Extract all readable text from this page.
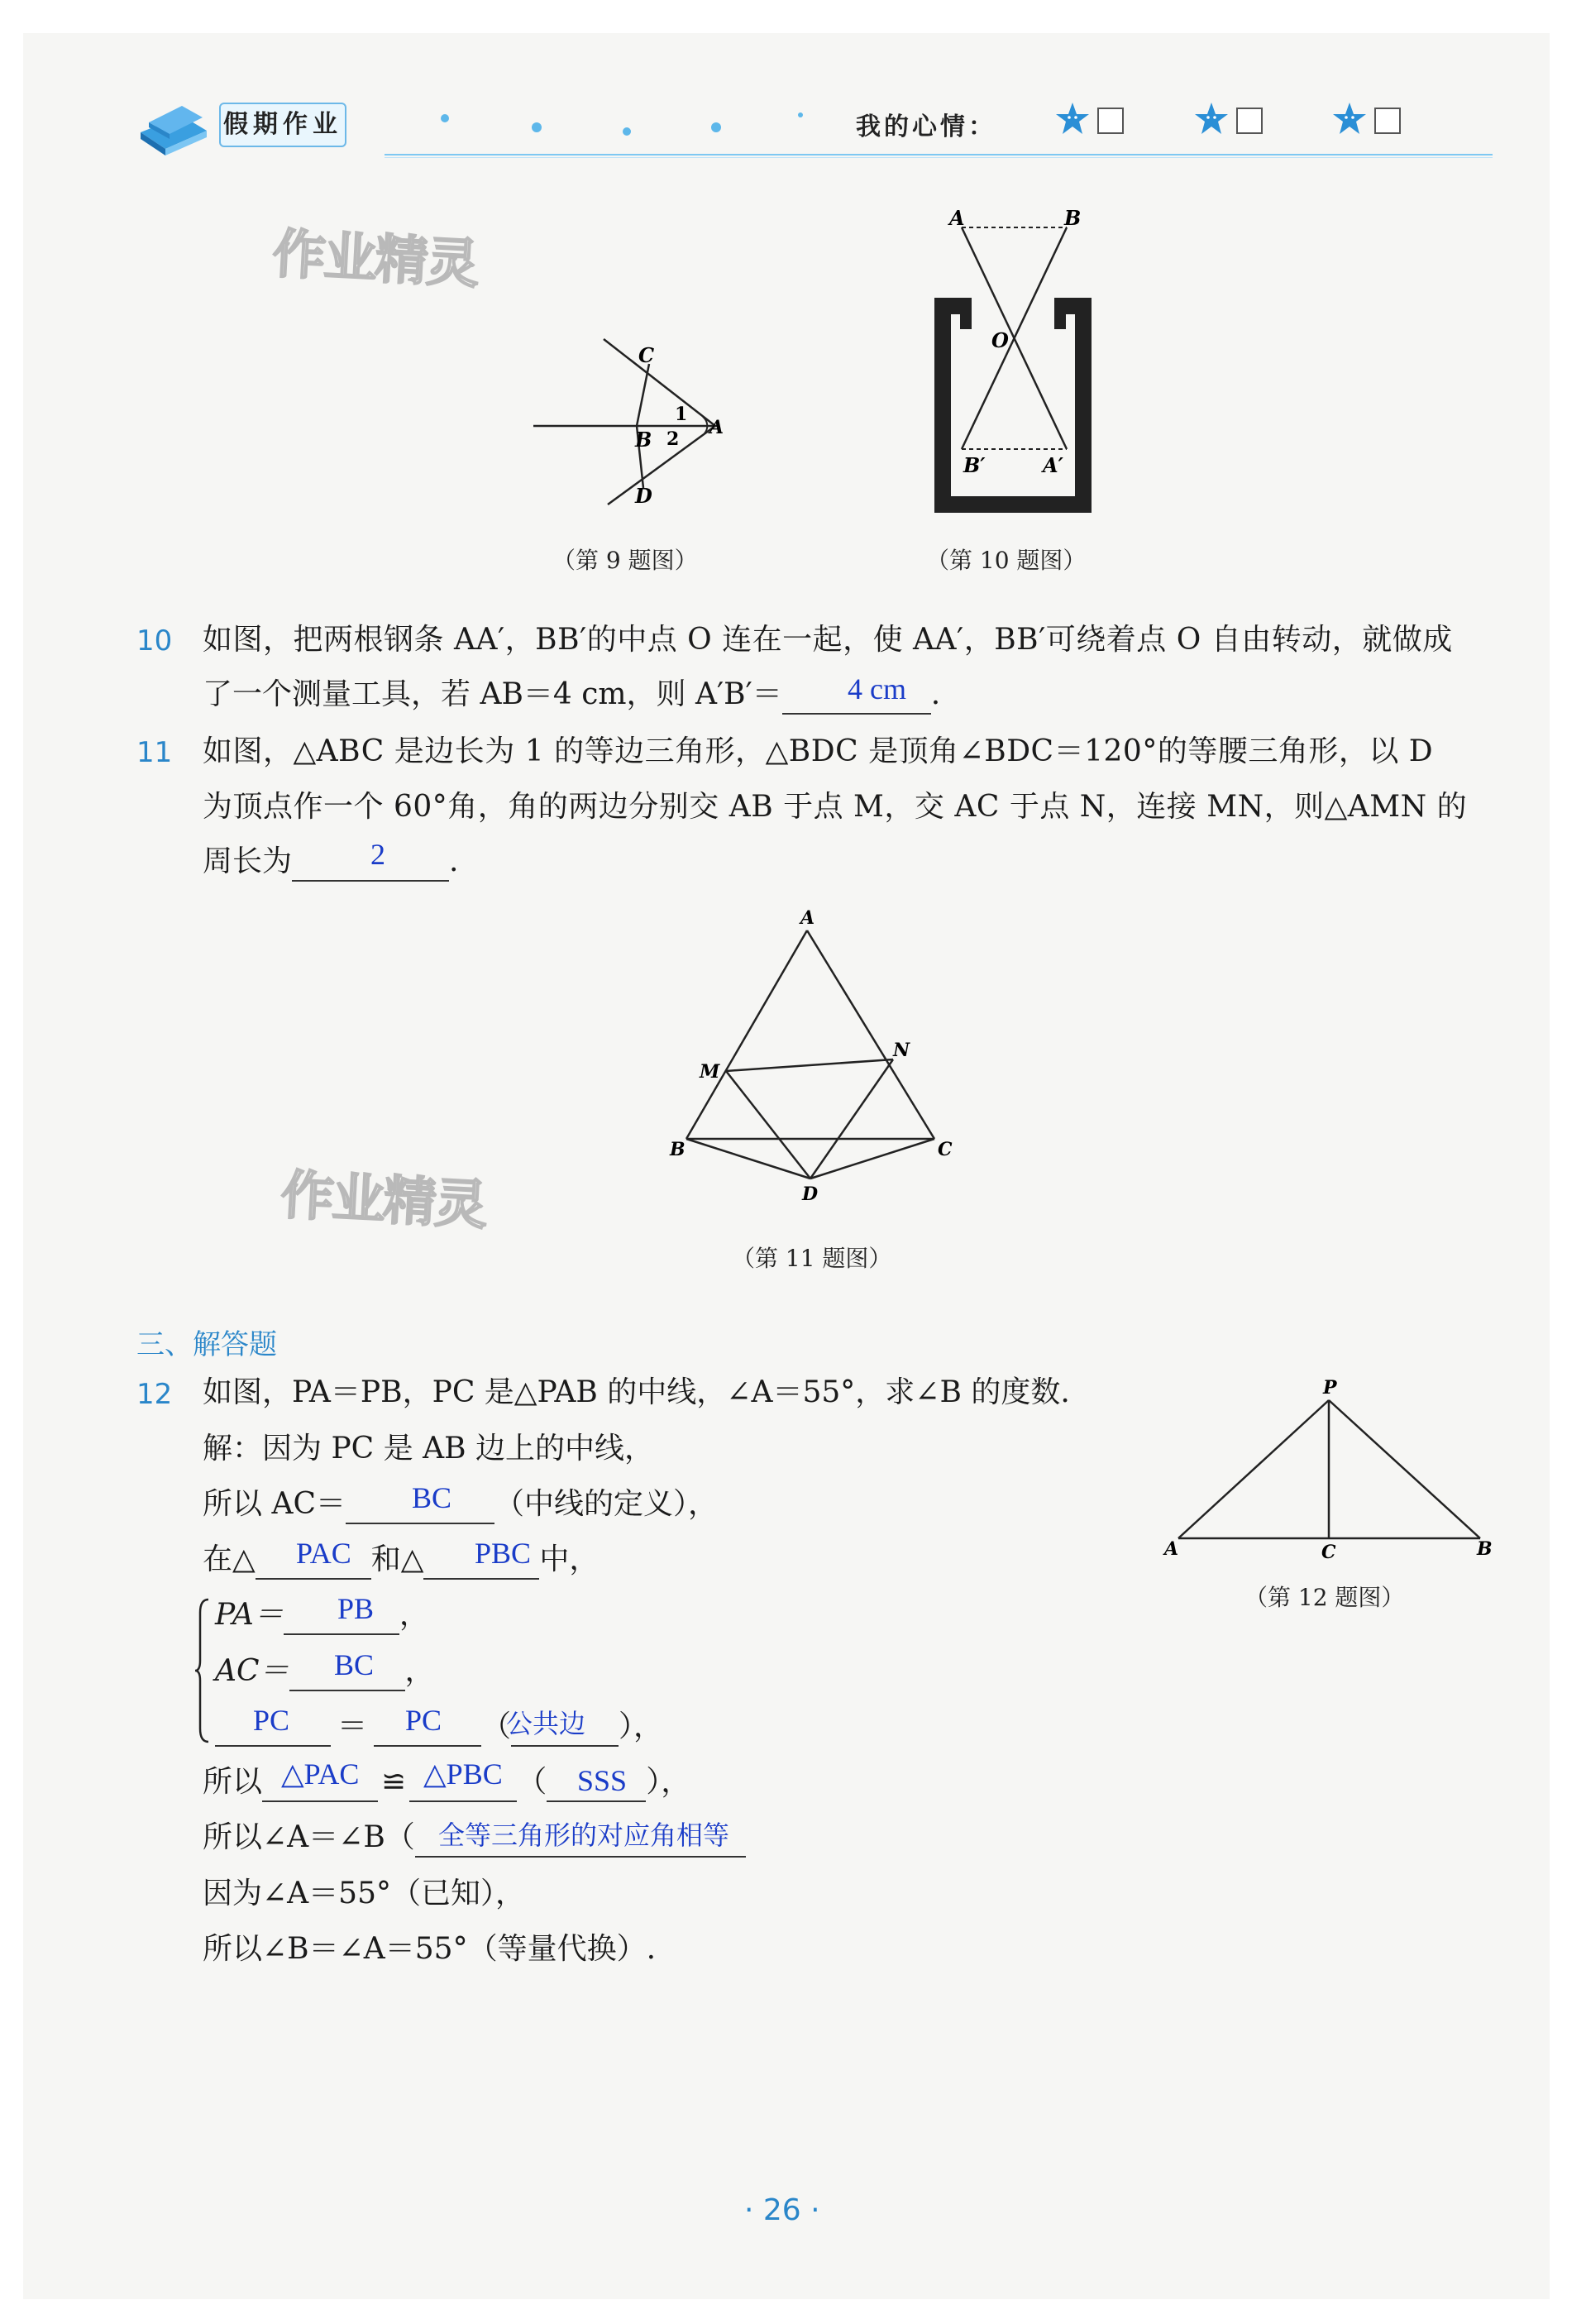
假期作业	我的心情：
作业精灵
作业精灵
C
1
A
B 2
D
（第 9 题图）
A	B
O
B′	A′
（第 10 题图）
10 如图，把两根钢条 AA′，BB′的中点 O 连在一起，使 AA′，BB′可绕着点 O 自由转动，就做成
了一个测量工具，若 AB＝4 cm，则 A′B′＝	.
4 cm
11 如图，△ABC 是边长为 1 的等边三角形，△BDC 是顶角∠BDC＝120°的等腰三角形，以 D
为顶点作一个 60°角，角的两边分别交 AB 于点 M，交 AC 于点 N，连接 MN，则△AMN 的
周长为	.
2
A
M
N
B	C
D
（第 11 题图）
三、解答题
12 如图，PA＝PB，PC 是△PAB 的中线，∠A＝55°，求∠B 的度数.
解：因为 PC 是 AB 边上的中线，
所以 AC＝	（中线的定义），
BC
在△	和△	中，
PAC	PBC
PA＝	，
PB
AC＝	，
BC
＝	（	），
PC	PC 公共边
所以	≌	（	），
△PAC △PBC	SSS
所以∠A＝∠B（ 全等三角形的对应角相等
因为∠A＝55°（已知），
所以∠B＝∠A＝55°（等量代换）.
P
A	C	B
（第 12 题图）
· 26 ·
